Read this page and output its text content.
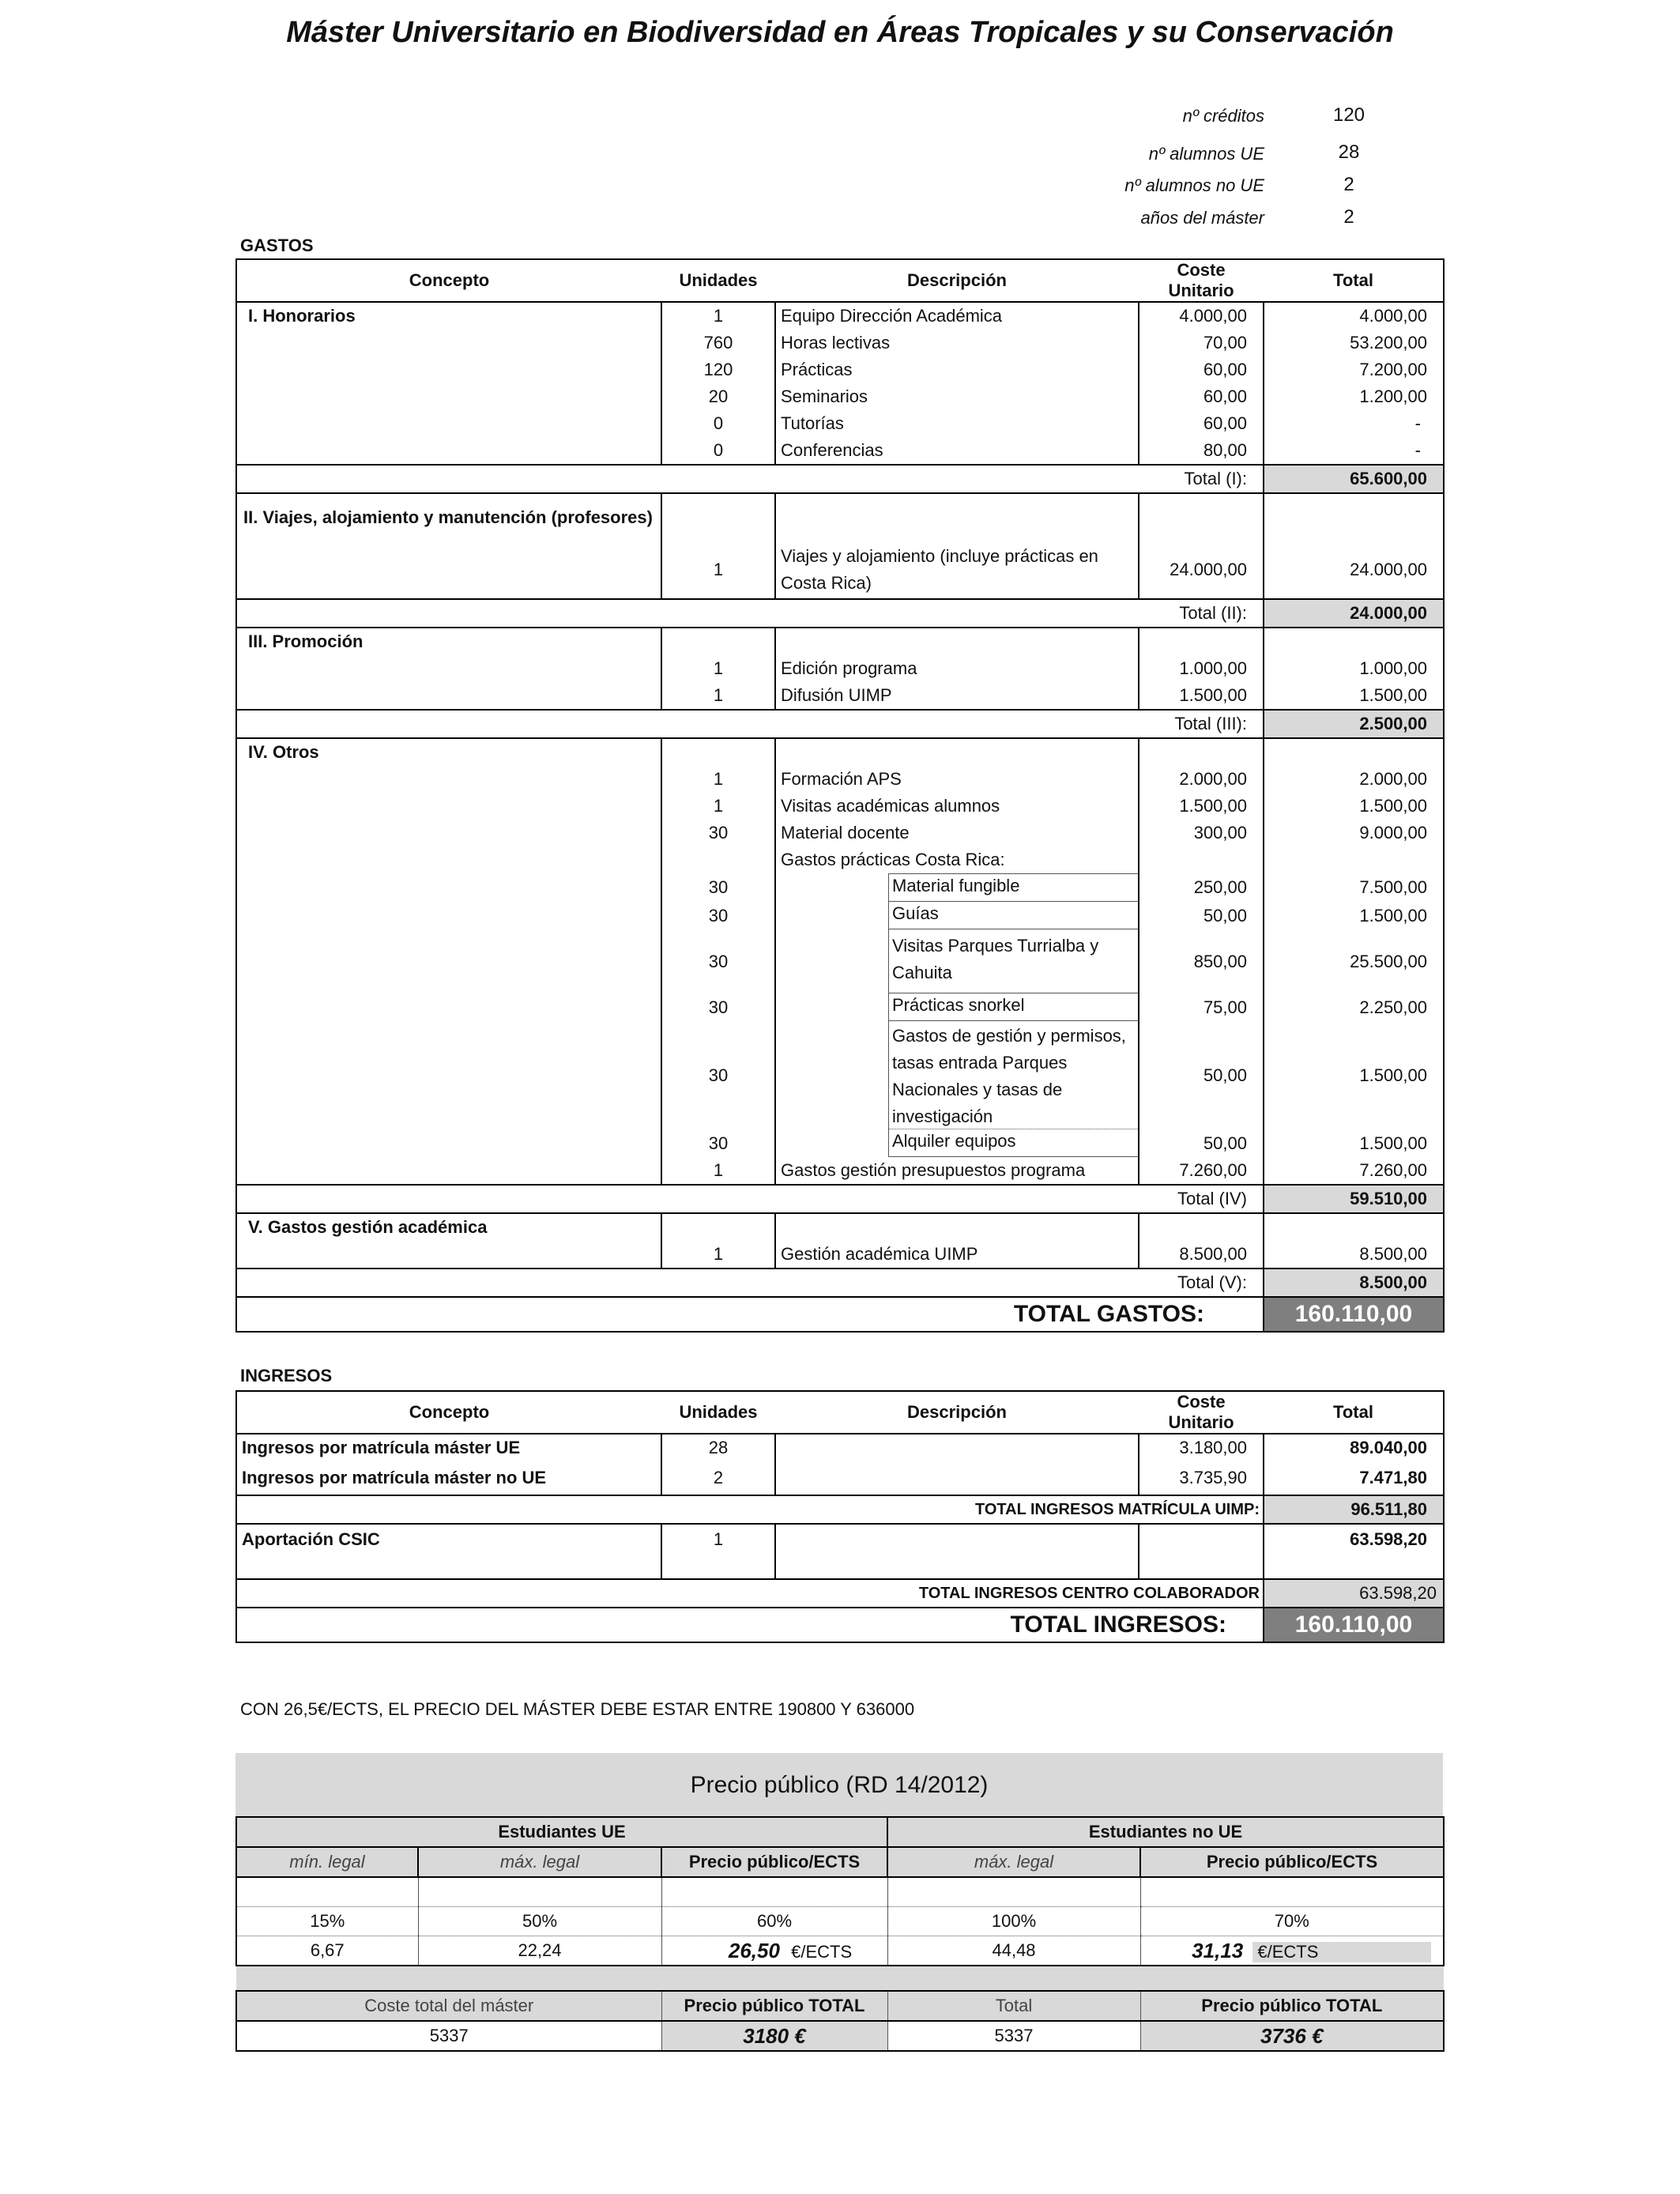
Máster Universitario en Biodiversidad en Áreas Tropicales y su Conservación
nº créditos	120
nº alumnos UE	28
nº alumnos no UE	2
años del máster	2
GASTOS
Concepto	Unidades	Descripción	Coste Unitario	Total
I. Honorarios	1	Equipo Dirección Académica	4.000,00	4.000,00
	760	Horas lectivas	70,00	53.200,00
	120	Prácticas	60,00	7.200,00
	20	Seminarios	60,00	1.200,00
	0	Tutorías	60,00	-
	0	Conferencias	80,00	-
			Total (I):	65.600,00
II. Viajes, alojamiento y manutención (profesores)				
	1	Viajes y alojamiento (incluye prácticas en Costa Rica)	24.000,00	24.000,00
			Total (II):	24.000,00
III. Promoción				
	1	Edición programa	1.000,00	1.000,00
	1	Difusión UIMP	1.500,00	1.500,00
			Total (III):	2.500,00
IV. Otros				
	1	Formación APS	2.000,00	2.000,00
	1	Visitas académicas alumnos	1.500,00	1.500,00
	30	Material docente	300,00	9.000,00
		Gastos prácticas Costa Rica:		
	30	Material fungible	250,00	7.500,00
	30	Guías	50,00	1.500,00
	30	Visitas Parques Turrialba y Cahuita	850,00	25.500,00
	30	Prácticas snorkel	75,00	2.250,00
	30	Gastos de gestión y permisos, tasas entrada Parques Nacionales y tasas de investigación	50,00	1.500,00
	30	Alquiler equipos	50,00	1.500,00
	1	Gastos gestión presupuestos programa	7.260,00	7.260,00
			Total (IV)	59.510,00
V. Gastos gestión académica				
	1	Gestión académica UIMP	8.500,00	8.500,00
			Total (V):	8.500,00
		TOTAL GASTOS:		160.110,00
INGRESOS
Concepto	Unidades	Descripción	Coste Unitario	Total
Ingresos por matrícula máster UE	28		3.180,00	89.040,00
Ingresos por matrícula máster no UE	2		3.735,90	7.471,80
		TOTAL INGRESOS MATRÍCULA UIMP:		96.511,80
Aportación CSIC	1			63.598,20
		TOTAL INGRESOS CENTRO COLABORADOR		63.598,20
		TOTAL INGRESOS:		160.110,00
CON 26,5€/ECTS, EL PRECIO DEL MÁSTER DEBE ESTAR ENTRE 190800 Y 636000
Precio público (RD 14/2012)
Estudiantes UE			Estudiantes no UE	
mín. legal	máx. legal	Precio público/ECTS	máx. legal	Precio público/ECTS

15%	50%	60%	100%	70%
6,67	22,24	26,50 €/ECTS	44,48	31,13 €/ECTS

Coste total del máster		Precio público TOTAL	Total	Precio público TOTAL
5337		3180 €	5337	3736 €
